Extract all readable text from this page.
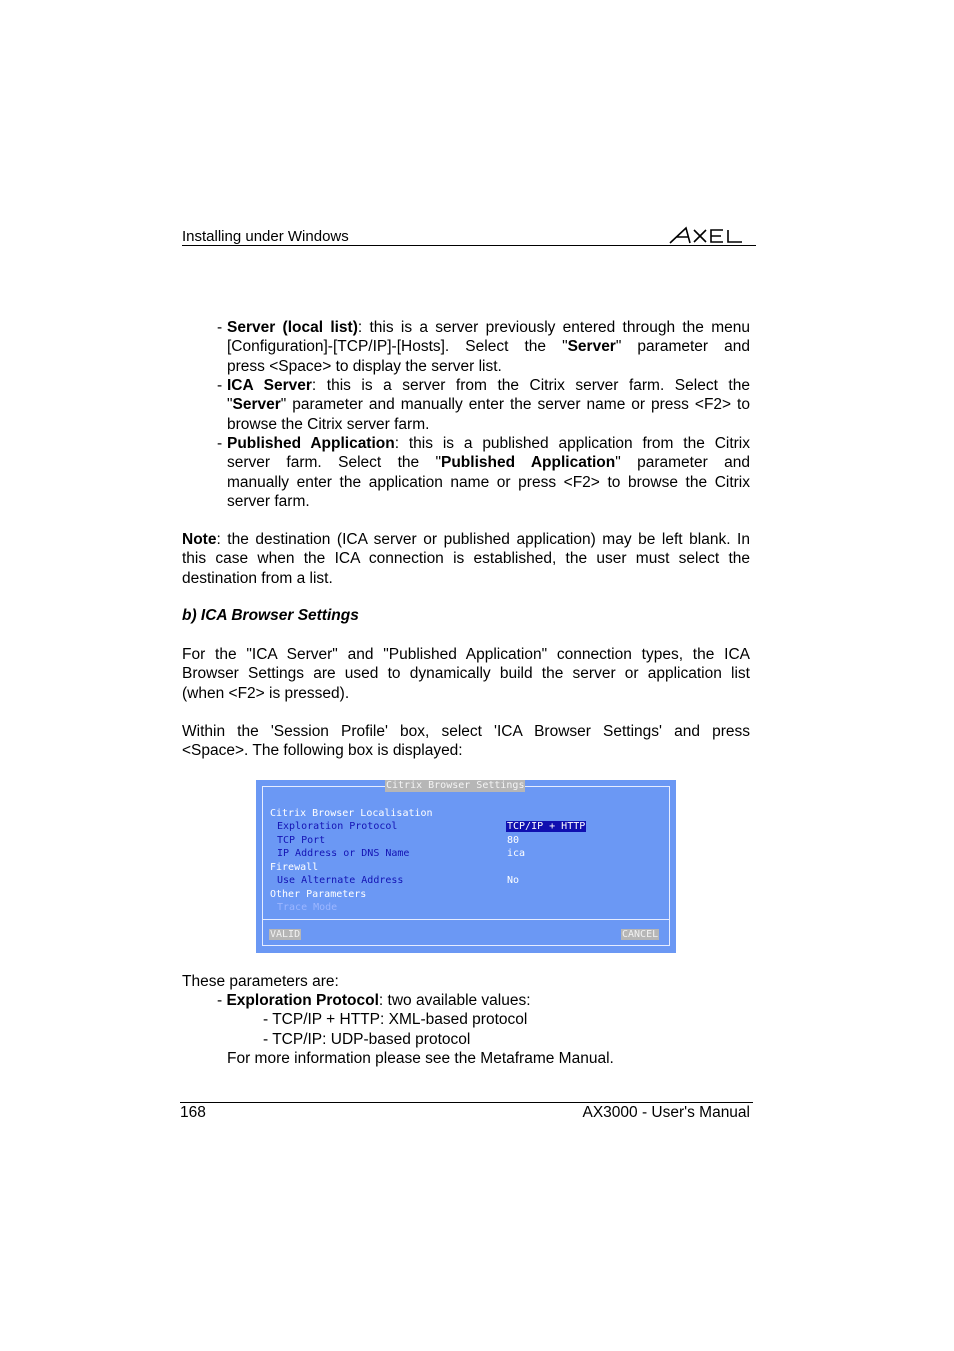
Installing under Windows
- Server (local list): this is a server previously entered through the menu
[Configuration]-[TCP/IP]-[Hosts]. Select the "Server" parameter and
press <Space> to display the server list.
- ICA Server: this is a server from the Citrix server farm. Select the
"Server" parameter and manually enter the server name or press <F2> to
browse the Citrix server farm.
- Published Application: this is a published application from the Citrix
server farm. Select the "Published Application" parameter and
manually enter the application name or press <F2> to browse the Citrix
server farm.
Note: the destination (ICA server or published application) may be left blank. In
this case when the ICA connection is established, the user must select the
destination from a list.
b) ICA Browser Settings
For the "ICA Server" and "Published Application" connection types, the ICA
Browser Settings are used to dynamically build the server or application list
(when <F2> is pressed).
Within the 'Session Profile' box, select 'ICA Browser Settings' and press
<Space>. The following box is displayed:
Citrix Browser Settings
Citrix Browser Localisation
Exploration Protocol	TCP/IP + HTTP
TCP Port	80
IP Address or DNS Name	ica
Firewall
Use Alternate Address	No
Other Parameters
Trace Mode
VALID	CANCEL
These parameters are:
- Exploration Protocol: two available values:
- TCP/IP + HTTP: XML-based protocol
- TCP/IP: UDP-based protocol
For more information please see the Metaframe Manual.
168	AX3000 - User's Manual
